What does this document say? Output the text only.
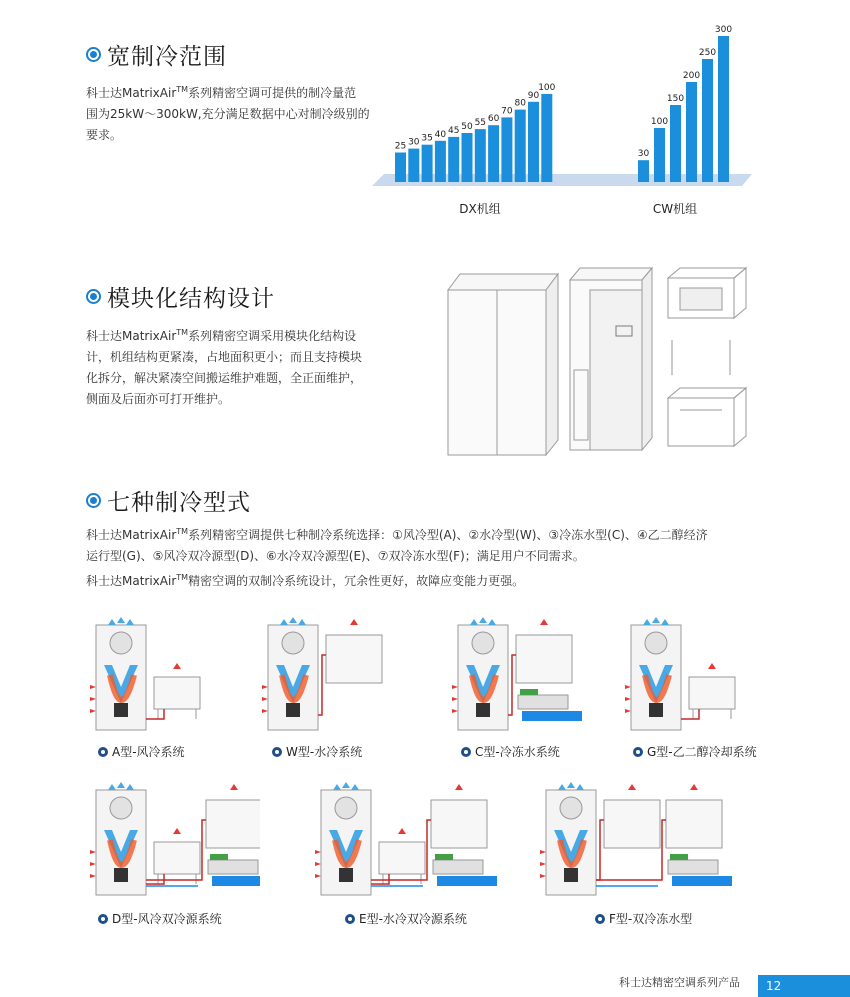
宽制冷范围
科士达MatrixAir™系列精密空调可提供的制冷量范
围为25kW～300kW,充分满足数据中心对制冷级别的
要求。
25 30 35 40 45 50 55 60
70
80
90
100
30
100
150
200
250
300
DX机组	CW机组
模块化结构设计
科士达MatrixAir™系列精密空调采用模块化结构设
计，机组结构更紧凑，占地面积更小；而且支持模块
化拆分，解决紧凑空间搬运维护难题，全正面维护，
侧面及后面亦可打开维护。
七种制冷型式
科士达MatrixAir™系列精密空调提供七种制冷系统选择：①风冷型(A)、②水冷型(W)、③冷冻水型(C)、④乙二醇经济
运行型(G)、⑤风冷双冷源型(D)、⑥水冷双冷源型(E)、⑦双冷冻水型(F)；满足用户不同需求。
科士达MatrixAir™精密空调的双制冷系统设计，冗余性更好，故障应变能力更强。
A型-风冷系统	W型-水冷系统	C型-冷冻水系统	G型-乙二醇冷却系统
D型-风冷双冷源系统	E型-水冷双冷源系统	F型-双冷冻水型
科士达精密空调系列产品	12
